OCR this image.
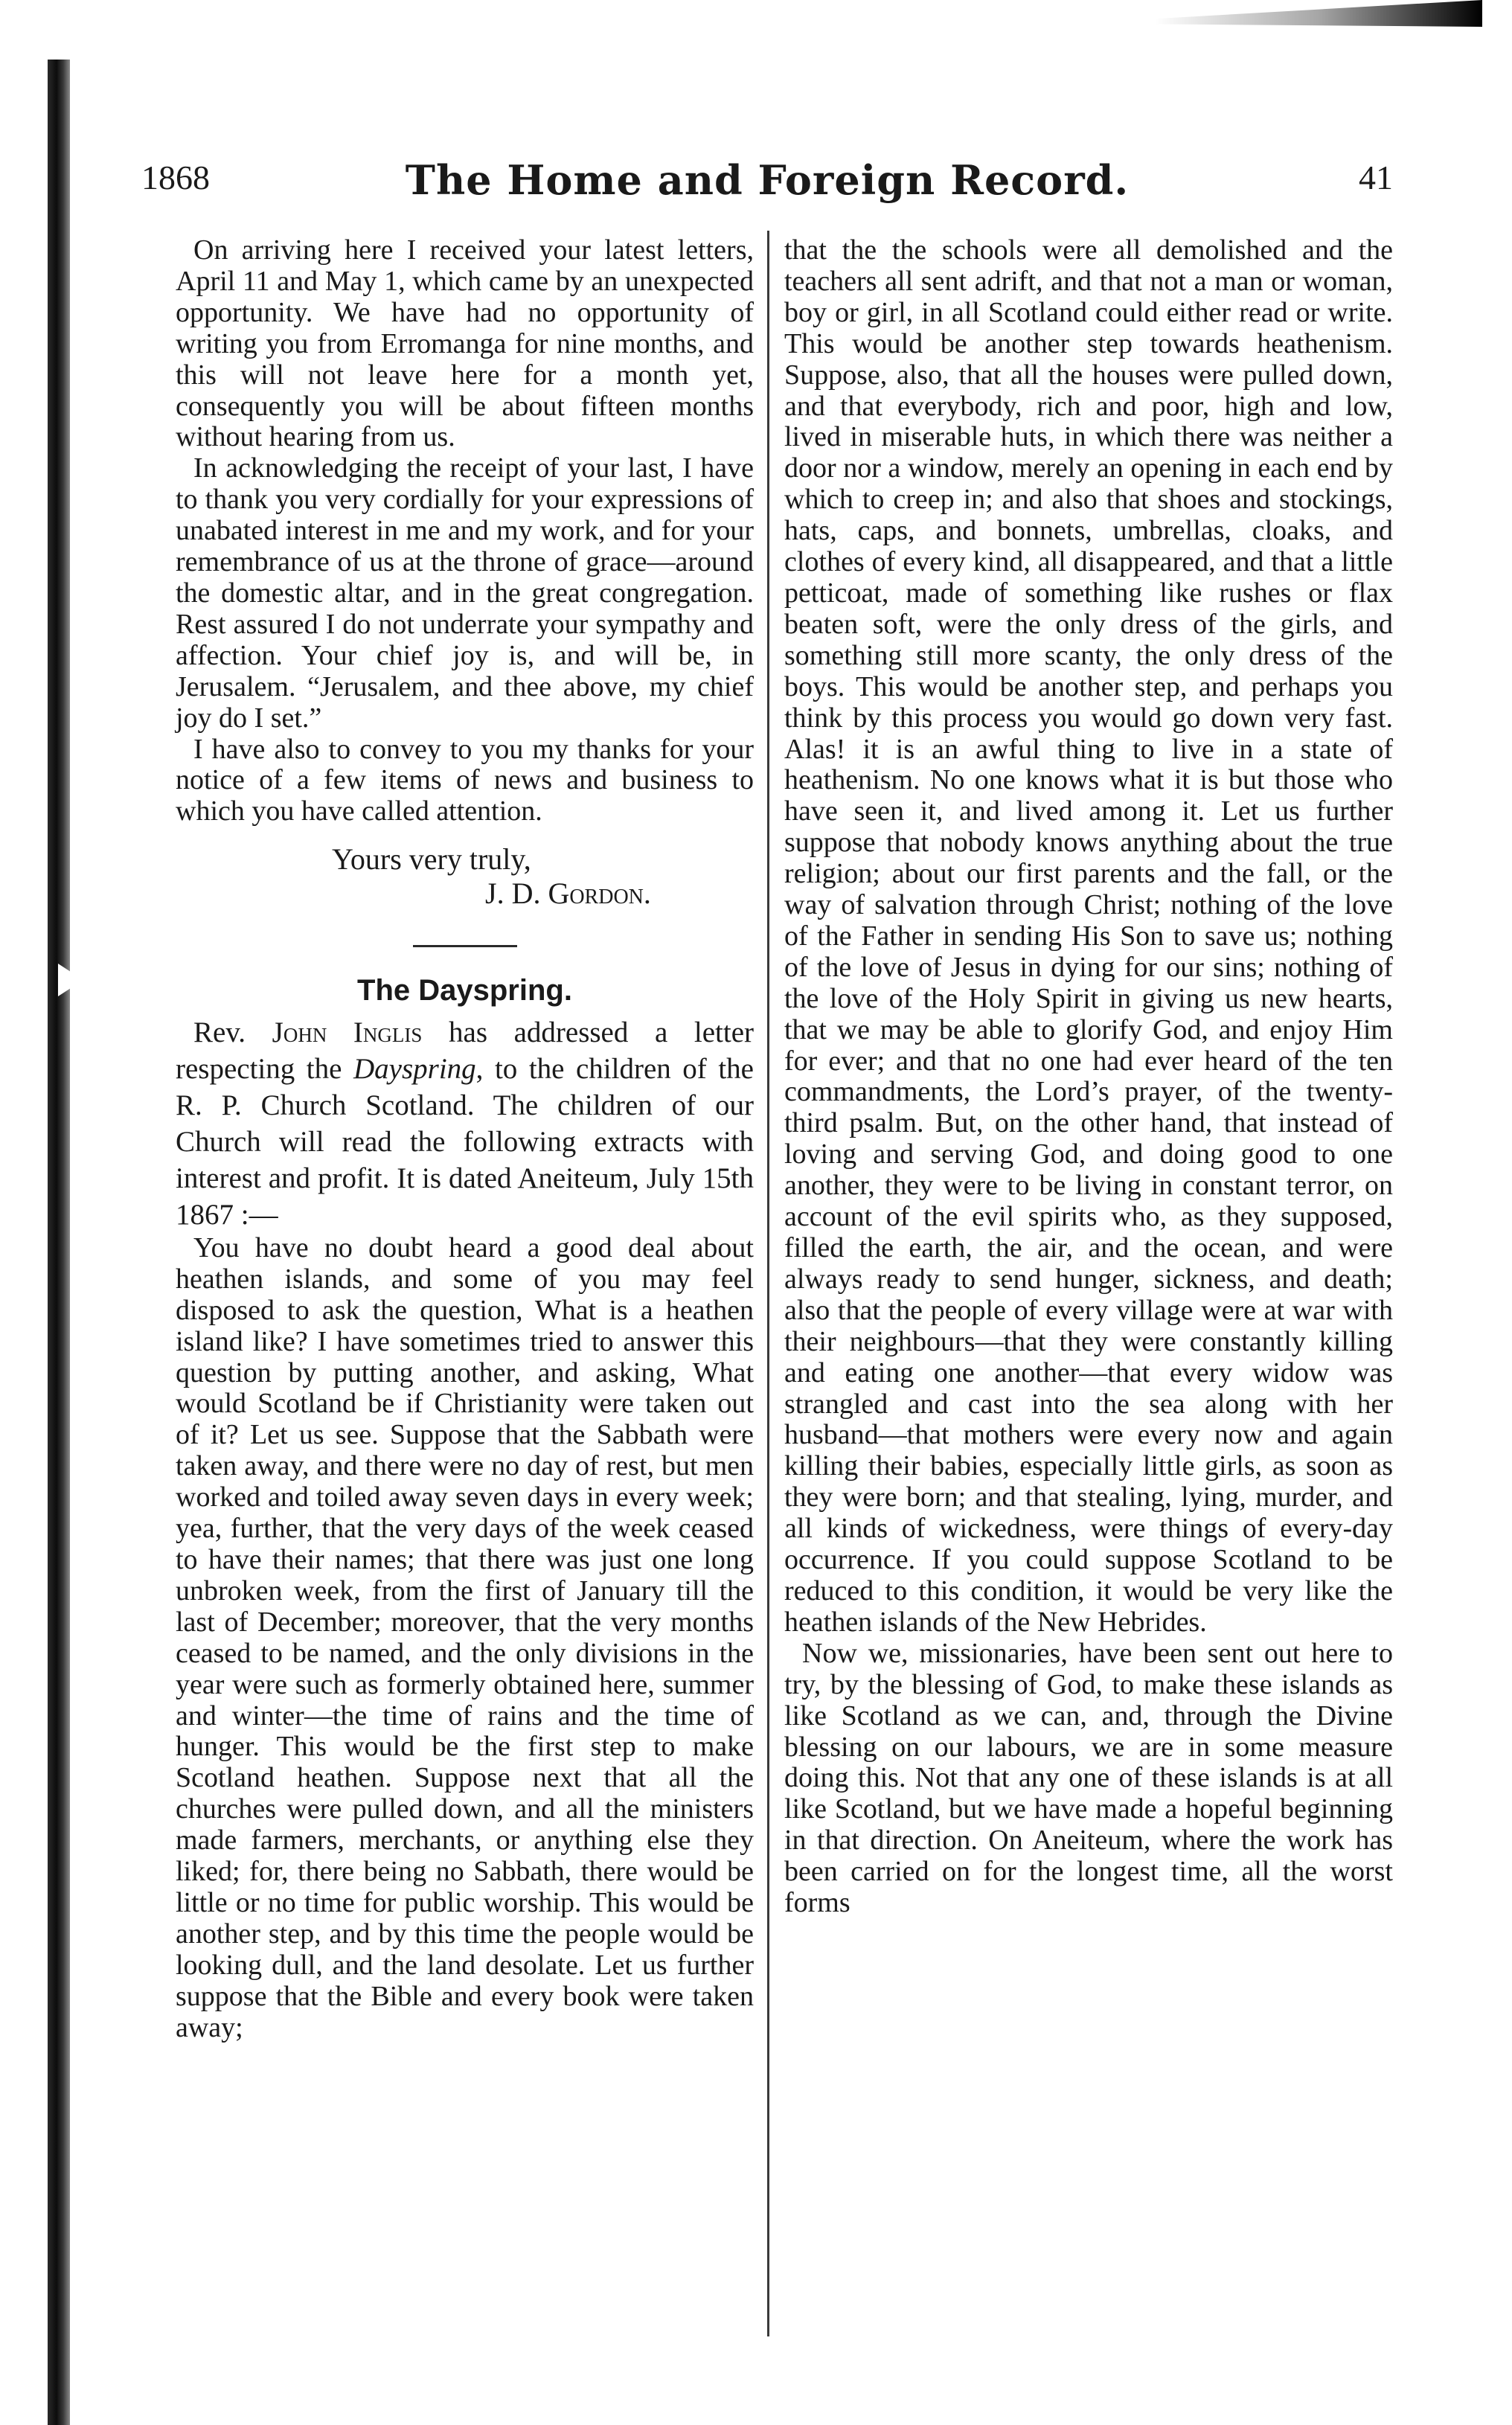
1868	The Home and Foreign Record.	41

On arriving here I received your latest letters, April 11 and May 1, which came by an unexpected opportunity. We have had no opportunity of writing you from Erromanga for nine months, and this will not leave here for a month yet, consequently you will be about fifteen months without hearing from us.

In acknowledging the receipt of your last, I have to thank you very cordially for your expressions of unabated interest in me and my work, and for your remembrance of us at the throne of grace—around the domestic altar, and in the great congregation. Rest assured I do not underrate your sympathy and affection. Your chief joy is, and will be, in Jerusalem. “Jerusalem, and thee above, my chief joy do I set.”

I have also to convey to you my thanks for your notice of a few items of news and business to which you have called attention.

Yours very truly,

J. D. Gordon.

The Dayspring.

Rev. John Inglis has addressed a letter respecting the Dayspring, to the children of the R. P. Church Scotland. The children of our Church will read the following extracts with interest and profit. It is dated Aneiteum, July 15th 1867 :—

You have no doubt heard a good deal about heathen islands, and some of you may feel disposed to ask the question, What is a heathen island like? I have sometimes tried to answer this question by putting another, and asking, What would Scotland be if Christianity were taken out of it? Let us see. Suppose that the Sabbath were taken away, and there were no day of rest, but men worked and toiled away seven days in every week; yea, further, that the very days of the week ceased to have their names; that there was just one long unbroken week, from the first of January till the last of December; moreover, that the very months ceased to be named, and the only divisions in the year were such as formerly obtained here, summer and winter—the time of rains and the time of hunger. This would be the first step to make Scotland heathen. Suppose next that all the churches were pulled down, and all the ministers made farmers, merchants, or anything else they liked; for, there being no Sabbath, there would be little or no time for public worship. This would be another step, and by this time the people would be looking dull, and the land desolate. Let us further suppose that the Bible and every book were taken away;

that the the schools were all demolished and the teachers all sent adrift, and that not a man or woman, boy or girl, in all Scotland could either read or write. This would be another step towards heathenism. Suppose, also, that all the houses were pulled down, and that everybody, rich and poor, high and low, lived in miserable huts, in which there was neither a door nor a window, merely an opening in each end by which to creep in; and also that shoes and stockings, hats, caps, and bonnets, umbrellas, cloaks, and clothes of every kind, all disappeared, and that a little petticoat, made of something like rushes or flax beaten soft, were the only dress of the girls, and something still more scanty, the only dress of the boys. This would be another step, and perhaps you think by this process you would go down very fast. Alas! it is an awful thing to live in a state of heathenism. No one knows what it is but those who have seen it, and lived among it. Let us further suppose that nobody knows anything about the true religion; about our first parents and the fall, or the way of salvation through Christ; nothing of the love of the Father in sending His Son to save us; nothing of the love of Jesus in dying for our sins; nothing of the love of the Holy Spirit in giving us new hearts, that we may be able to glorify God, and enjoy Him for ever; and that no one had ever heard of the ten commandments, the Lord’s prayer, of the twenty-third psalm. But, on the other hand, that instead of loving and serving God, and doing good to one another, they were to be living in constant terror, on account of the evil spirits who, as they supposed, filled the earth, the air, and the ocean, and were always ready to send hunger, sickness, and death; also that the people of every village were at war with their neighbours—that they were constantly killing and eating one another—that every widow was strangled and cast into the sea along with her husband—that mothers were every now and again killing their babies, especially little girls, as soon as they were born; and that stealing, lying, murder, and all kinds of wickedness, were things of every-day occurrence. If you could suppose Scotland to be reduced to this condition, it would be very like the heathen islands of the New Hebrides.

Now we, missionaries, have been sent out here to try, by the blessing of God, to make these islands as like Scotland as we can, and, through the Divine blessing on our labours, we are in some measure doing this. Not that any one of these islands is at all like Scotland, but we have made a hopeful beginning in that direction. On Aneiteum, where the work has been carried on for the longest time, all the worst forms
